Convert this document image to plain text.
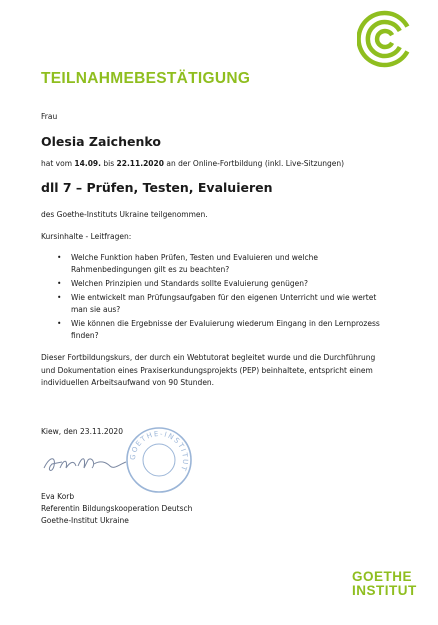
TEILNAHMEBESTÄTIGUNG
Frau
Olesia Zaichenko
hat vom 14.09. bis 22.11.2020 an der Online-Fortbildung (inkl. Live-Sitzungen)
dll 7 – Prüfen, Testen, Evaluieren
des Goethe-Instituts Ukraine teilgenommen.
Kursinhalte - Leitfragen:
• Welche Funktion haben Prüfen, Testen und Evaluieren und welche Rahmenbedingungen gilt es zu beachten?
• Welchen Prinzipien und Standards sollte Evaluierung genügen?
• Wie entwickelt man Prüfungsaufgaben für den eigenen Unterricht und wie wertet man sie aus?
• Wie können die Ergebnisse der Evaluierung wiederum Eingang in den Lernprozess finden?
Dieser Fortbildungskurs, der durch ein Webtutorat begleitet wurde und die Durchführung und Dokumentation eines Praxiserkundungsprojekts (PEP) beinhaltete, entspricht einem individuellen Arbeitsaufwand von 90 Stunden.
Kiew, den 23.11.2020
GOETHE-INSTITUT
Eva Korb
Referentin Bildungskooperation Deutsch
Goethe-Institut Ukraine
GOETHE
INSTITUT
